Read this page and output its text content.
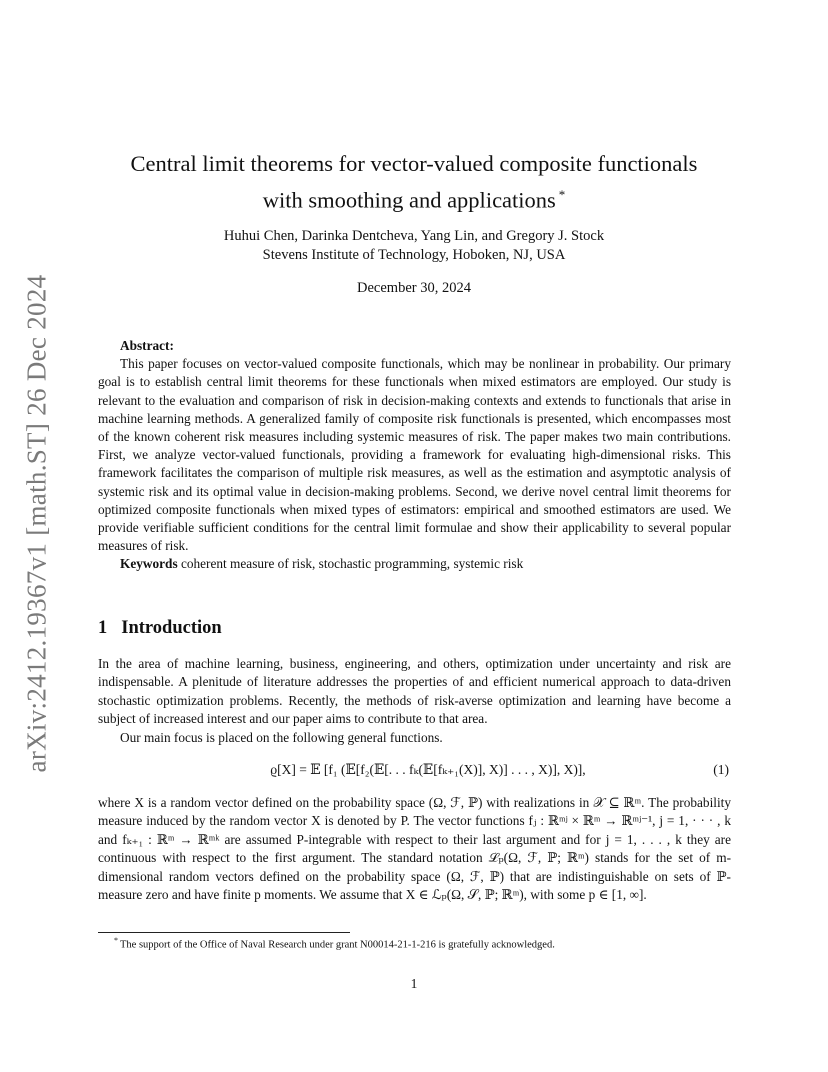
arXiv:2412.19367v1 [math.ST] 26 Dec 2024
Central limit theorems for vector-valued composite functionals
with smoothing and applications *
Huhui Chen, Darinka Dentcheva, Yang Lin, and Gregory J. Stock
Stevens Institute of Technology, Hoboken, NJ, USA
December 30, 2024
Abstract:
This paper focuses on vector-valued composite functionals, which may be nonlinear in probability. Our primary goal is to establish central limit theorems for these functionals when mixed estimators are employed. Our study is relevant to the evaluation and comparison of risk in decision-making contexts and extends to functionals that arise in machine learning methods. A generalized family of composite risk functionals is presented, which encompasses most of the known coherent risk measures including systemic measures of risk. The paper makes two main contributions. First, we analyze vector-valued functionals, providing a framework for evaluating high-dimensional risks. This framework facilitates the comparison of multiple risk measures, as well as the estimation and asymptotic analysis of systemic risk and its optimal value in decision-making problems. Second, we derive novel central limit theorems for optimized composite functionals when mixed types of estimators: empirical and smoothed estimators are used. We provide verifiable sufficient conditions for the central limit formulae and show their applicability to several popular measures of risk.
Keywords coherent measure of risk, stochastic programming, systemic risk
1 Introduction
In the area of machine learning, business, engineering, and others, optimization under uncertainty and risk are indispensable. A plenitude of literature addresses the properties of and efficient numerical approach to data-driven stochastic optimization problems. Recently, the methods of risk-averse optimization and learning have become a subject of increased interest and our paper aims to contribute to that area.
Our main focus is placed on the following general functions.
ϱ[X] = 𝔼 [f₁ (𝔼[f₂(𝔼[. . . fₖ(𝔼[fₖ₊₁(X)], X)] . . . , X)], X)],	(1)
where X is a random vector defined on the probability space (Ω, ℱ, ℙ) with realizations in 𝒳 ⊆ ℝᵐ. The probability measure induced by the random vector X is denoted by P. The vector functions fⱼ : ℝᵐʲ × ℝᵐ → ℝᵐʲ⁻¹, j = 1, · · · , k and fₖ₊₁ : ℝᵐ → ℝᵐᵏ are assumed P-integrable with respect to their last argument and for j = 1, . . . , k they are continuous with respect to the first argument. The standard notation ℒₚ(Ω, ℱ, ℙ; ℝᵐ) stands for the set of m-dimensional random vectors defined on the probability space (Ω, ℱ, ℙ) that are indistinguishable on sets of ℙ-measure zero and have finite p moments. We assume that X ∈ ℒₚ(Ω, 𝒮, ℙ; ℝᵐ), with some p ∈ [1, ∞].
* The support of the Office of Naval Research under grant N00014-21-1-216 is gratefully acknowledged.
1
